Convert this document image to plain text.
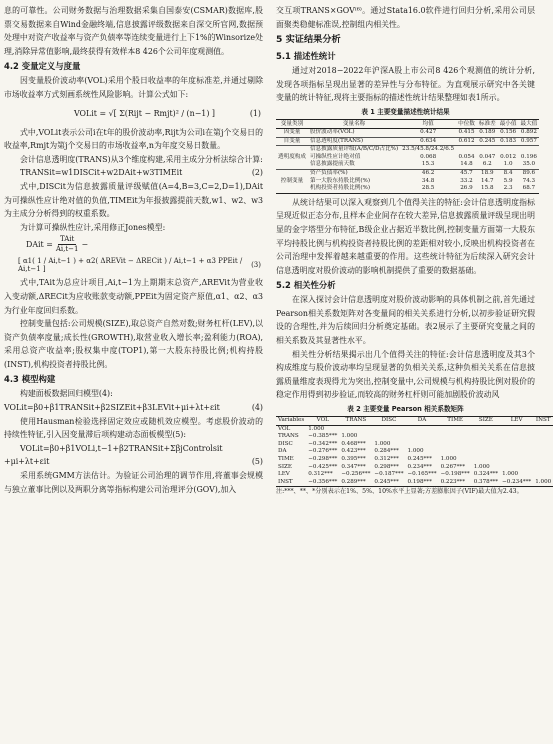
息的可靠性。公司财务数据与治理数据采集自国泰安(CSMAR)数据库,股票交易数据来自Wind金融终端,信息披露评级数据来自深交所官网,数据预处理中对资产收益率与资产负债率等连续变量进行上下1%的Winsorize处理,消除异常值影响,最终获得有效样本8 426个公司年度观测值。

4.2 变量定义与度量

因变量股价波动率(VOL)采用个股日收益率的年度标准差,并通过剔除市场收益率方式刻画系统性风险影响。计算公式如下:

VOLit = √[ Σ(Rijt − Rmjt)² / (n−1) ]	(1)

式中,VOLit表示公司i在t年的股价波动率,Rijt为公司i在第j个交易日的收益率,Rmjt为第j个交易日的市场收益率,n为年度交易日数量。

会计信息透明度(TRANS)从3个维度构建,采用主成分分析法综合计算:

TRANSit=w1DISCit+w2DAit+w3TIMEit	(2)

式中,DISCit为信息披露质量评级赋值(A=4,B=3,C=2,D=1),DAit为可操纵性应计绝对值的负值,TIMEit为年报披露提前天数,w1、w2、w3为主成分分析得到的权重系数。

为计算可操纵性应计,采用修正Jones模型:

DAit = $\frac{\text{TAit}}{Ai,t-1}$ −
[ α1( 1 / Ai,t−1 ) + α2( ΔREVit − ΔRECit ) / Ai,t−1 + α3 PPEit / Ai,t−1 ]	(3)

式中,TAit为总应计项目,Ai,t−1为上期期末总资产,ΔREVit为营业收入变动额,ΔRECit为应收账款变动额,PPEit为固定资产原值,α1、α2、α3为行业年度回归系数。

控制变量包括:公司规模(SIZE),取总资产自然对数;财务杠杆(LEV),以资产负债率度量;成长性(GROWTH),取营业收入增长率;盈利能力(ROA),采用总资产收益率;股权集中度(TOP1),第一大股东持股比例;机构持股(INST),机构投资者持股比例。

4.3 模型构建

构建面板数据回归模型(4):

VOLit=β0+β1TRANSit+β2SIZEit+β3LEVit+μi+λt+εit	(4)

使用Hausman检验选择固定效应或随机效应模型。考虑股价波动的持续性特征,引入因变量滞后项构建动态面板模型(5):

VOLit=β0+β1VOLi,t−1+β2TRANSit+ΣβjControlsit
+μi+λt+εit	(5)

采用系统GMM方法估计。为验证公司治理的调节作用,将董事会规模与独立董事比例以及两职分离等指标构建公司治理评分(GOV),加入

交互项TRANS×GOV⁽⁶⁾。通过Stata16.0软件进行回归分析,采用公司层面聚类稳健标准误,控制组内相关性。

5 实证结果分析
5.1 描述性统计

通过对2018−2022年沪深A股上市公司8 426个观测值的统计分析,发现各项指标呈现出显著的差异性与分布特征。为直观展示研究中各关键变量的统计特征,现将主要指标的描述性统计结果整理如表1所示。

表 1 主要变量描述性统计结果
变量类别	变量名称	均值	中位数	标准差	最小值	最大值
因变量	股价波动率(VOL)	0.427	0.415	0.189	0.156	0.892
自变量	信息透明度(TRANS)	0.634	0.612	0.245	0.183	0.957
	信息披露质量评级(A/B/C/D占比%)	23.5/45.8/24.2/6.5				
透明度构成	可操纵性应计绝对值	0.068	0.054	0.047	0.012	0.196
	信息披露提前天数	15.3	14.8	6.2	1.0	35.0
	资产负债率(%)	46.2	45.7	18.9	8.4	89.6
控制变量	第一大股东持股比例(%)	34.8	33.2	14.7	5.9	74.3
	机构投资者持股比例(%)	28.5	26.9	15.8	2.3	68.7

从统计结果可以深入观察到几个值得关注的特征:会计信息透明度指标呈现近似正态分布,且样本企业间存在较大差异,信息披露质量评级呈现出明显的金字塔型分布特征,B级企业占据近半数比例,控制变量方面第一大股东平均持股比例与机构投资者持股比例的差距相对较小,反映出机构投资者在公司治理中发挥着越来越重要的作用。这些统计特征为后续深入研究会计信息透明度对股价波动的影响机制提供了重要的数据基础。

5.2 相关性分析

在深入探讨会计信息透明度对股价波动影响的具体机制之前,首先通过Pearson相关系数矩阵对各变量间的相关关系进行分析,以初步验证研究假设的合理性,并为后续回归分析奠定基础。表2展示了主要研究变量之间的相关系数及其显著性水平。

相关性分析结果揭示出几个值得关注的特征:会计信息透明度及其3个构成维度与股价波动率均呈现显著的负相关关系,这种负相关关系在信息披露质量维度表现得尤为突出,控制变量中,公司规模与机构持股比例对股价的稳定作用得到初步验证,而较高的财务杠杆则可能加剧股价波动风

表 2 主要变量 Pearson 相关系数矩阵
Variables	VOL	TRANS	DISC	DA	TIME	SIZE	LEV	INST
VOL	1.000							
TRANS	−0.385***	1.000						
DISC	−0.342***	0.468***	1.000					
DA	−0.276***	0.423***	0.284***	1.000				
TIME	−0.298***	0.395***	0.312***	0.245***	1.000			
SIZE	−0.425***	0.347***	0.298***	0.234***	0.267***	1.000		
LEV	0.312***	−0.256***	−0.187***	−0.165***	−0.198***	0.324***	1.000	
INST	−0.356***	0.289***	0.245***	0.198***	0.223***	0.378***	−0.234***	1.000

注:***、**、*分别表示在1%、5%、10%水平上显著;方差膨胀因子(VIF)最大值为2.43。
